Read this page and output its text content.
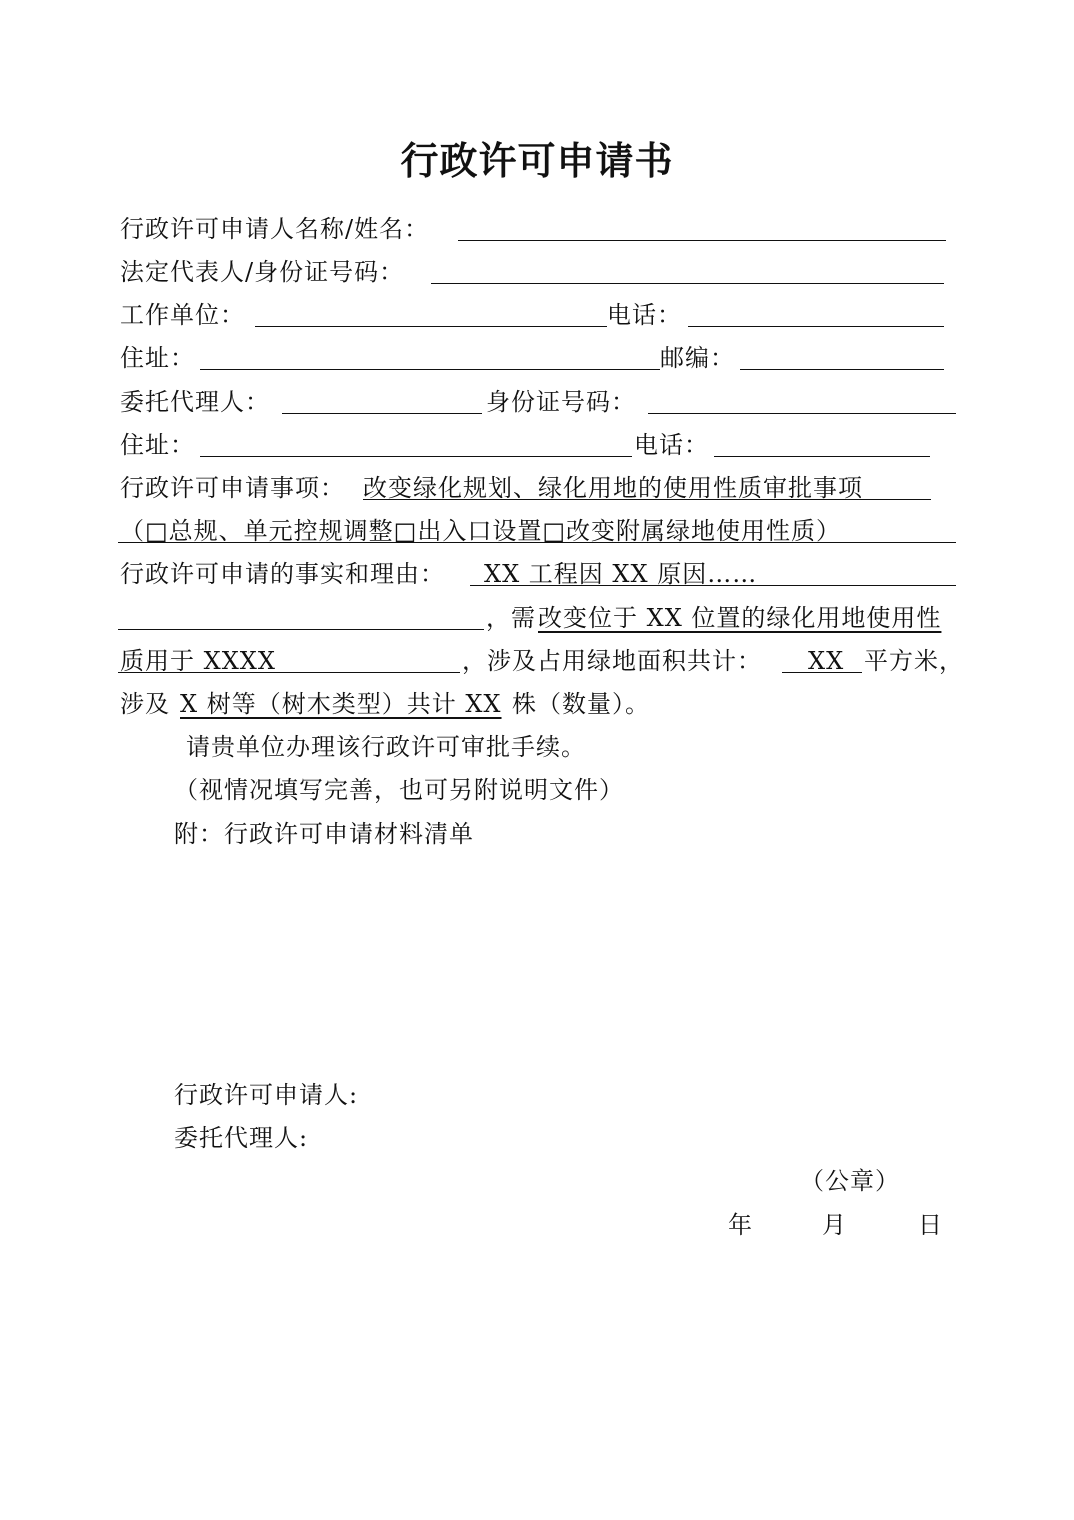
行政许可申请书
行政许可申请人名称/姓名：
法定代表人/身份证号码：
工作单位：	电话：
住址：	邮编：
委托代理人：	身份证号码：
住址：	电话：
行政许可申请事项： 改变绿化规划、绿化用地的使用性质审批事项
（□总规、单元控规调整□出入口设置□改变附属绿地使用性质）
行政许可申请的事实和理由： XX 工程因 XX 原因……
，需 改变位于 XX 位置的绿化用地使用性
质用于 XXXX	，涉及占用绿地面积共计： XX 平方米，
涉及 X 树等（树木类型）共计 XX 株（数量）。
请贵单位办理该行政许可审批手续。
（视情况填写完善，也可另附说明文件）
附：行政许可申请材料清单
行政许可申请人:
委托代理人:
（公章）
年	月	日
